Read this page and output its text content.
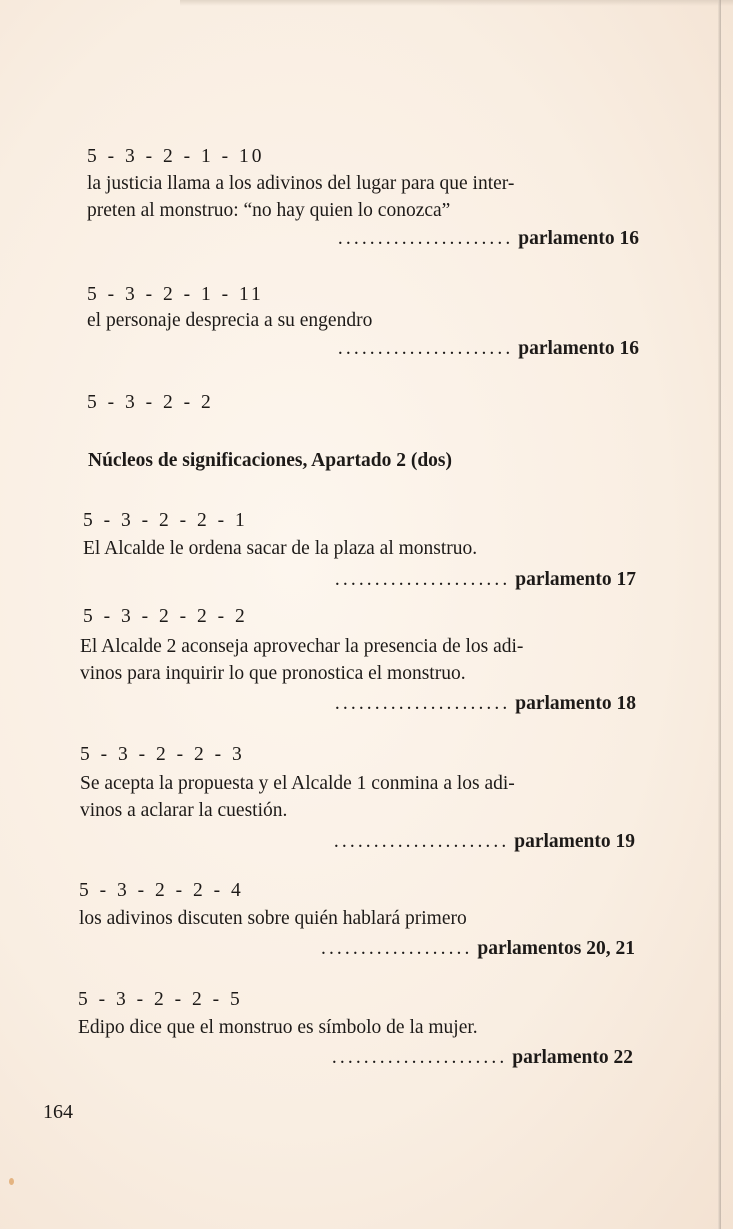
5 - 3 - 2 - 1 - 10
la justicia llama a los adivinos del lugar para que inter-
preten al monstruo: “no hay quien lo conozca”
...................... parlamento 16
5 - 3 - 2 - 1 - 11
el personaje desprecia a su engendro
...................... parlamento 16
5 - 3 - 2 - 2
Núcleos de significaciones, Apartado 2 (dos)
5 - 3 - 2 - 2 - 1
El Alcalde le ordena sacar de la plaza al monstruo.
...................... parlamento 17
5 - 3 - 2 - 2 - 2
El Alcalde 2 aconseja aprovechar la presencia de los adi-
vinos para inquirir lo que pronostica el monstruo.
...................... parlamento 18
5 - 3 - 2 - 2 - 3
Se acepta la propuesta y el Alcalde 1 conmina a los adi-
vinos a aclarar la cuestión.
...................... parlamento 19
5 - 3 - 2 - 2 - 4
los adivinos discuten sobre quién hablará primero
................... parlamentos 20, 21
5 - 3 - 2 - 2 - 5
Edipo dice que el monstruo es símbolo de la mujer.
...................... parlamento 22
164
